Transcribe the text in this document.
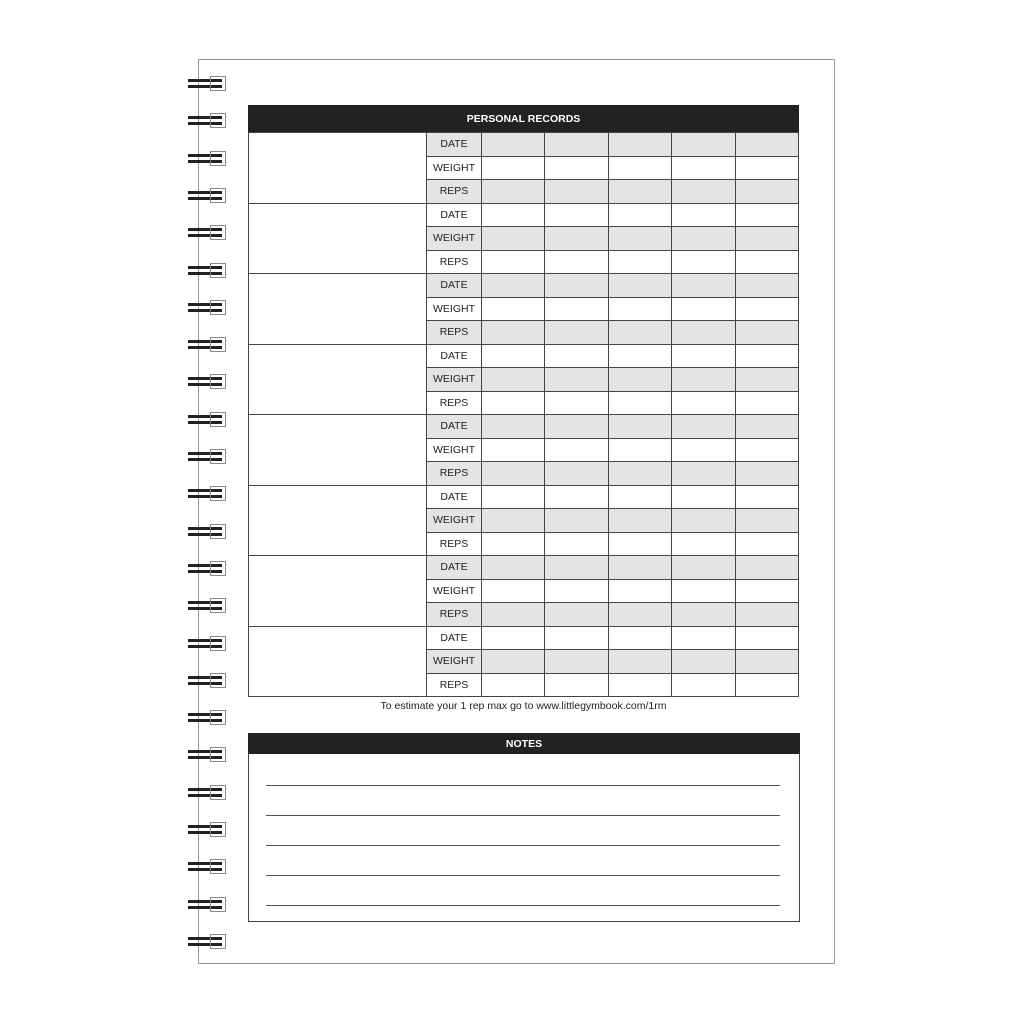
PERSONAL RECORDS
	DATE					
	WEIGHT					
	REPS					
	DATE					
	WEIGHT					
	REPS					
	DATE					
	WEIGHT					
	REPS					
	DATE					
	WEIGHT					
	REPS					
	DATE					
	WEIGHT					
	REPS					
	DATE					
	WEIGHT					
	REPS					
	DATE					
	WEIGHT					
	REPS					
	DATE					
	WEIGHT					
	REPS					
To estimate your 1 rep max go to www.littlegymbook.com/1rm
NOTES
